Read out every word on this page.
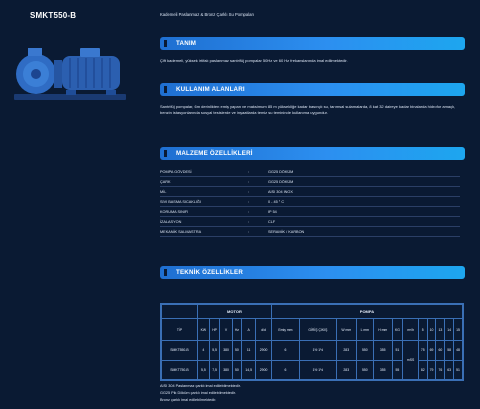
SMKT550-B	Kademeli Paslanmaz & Bronz Çarklı Su Pompaları
TANIM
Çift kademeli, yüksek irtifalı paslanmaz santrifüj pompalar 50Hz ve 60 Hz frekanslarında imal edilmektedir.
KULLANIM ALANLARI
Santrifüj pompalar, 6m derinlikten emiş yapan ve maksimum 85 m yüksekliğe kadar basınçlı su, tarımsal sulamalarda, 8 kat 32 daireye kadar binalarda hidrofor amaçlı, benzin istasyonlarında sosyal tesislerde ve inşaatlarda temiz su temininde kullanıma uygundur.
MALZEME ÖZELLİKLERİ
POMPA GÖVDESİ	:	GG25 DÖKÜM
ÇARK	:	GG25 DÖKÜM
MİL	:	AISI 304 INOX
SIVI BASMA SICAKLIĞI	:	0 - 45 ° C
KORUMA SINIFI	:	IP 54
İZALASYON	:	CLF
MEKANİK SALMASTRA	:	SERAMİK / KARBON
TEKNİK ÖZELLİKLER
	MOTOR						POMPA											
TİP	KW	HP	V	Hz	A	d/d	Emiş mm	GİRİŞ ÇIKIŞ	W mm	L mm	H mm	KG	m³/h	5	10	13	14	15
SMKT550-B	4	5,5	380	50	11	2900	6	1½ 1½	283	550	355	51	mSS	75	69	60	58	48
SMKT750-B	5,5	7,5	380	50	14,5	2900	6	1½ 1½	283	550	355	55		82	79	76	63	51
AISI 304 Paslanmaz çarklı imal edilebilmektedir.
GG25 Pik Döküm çarklı imal edilebilmektedir.
Bronz çarklı imal edilebilmektedir.
